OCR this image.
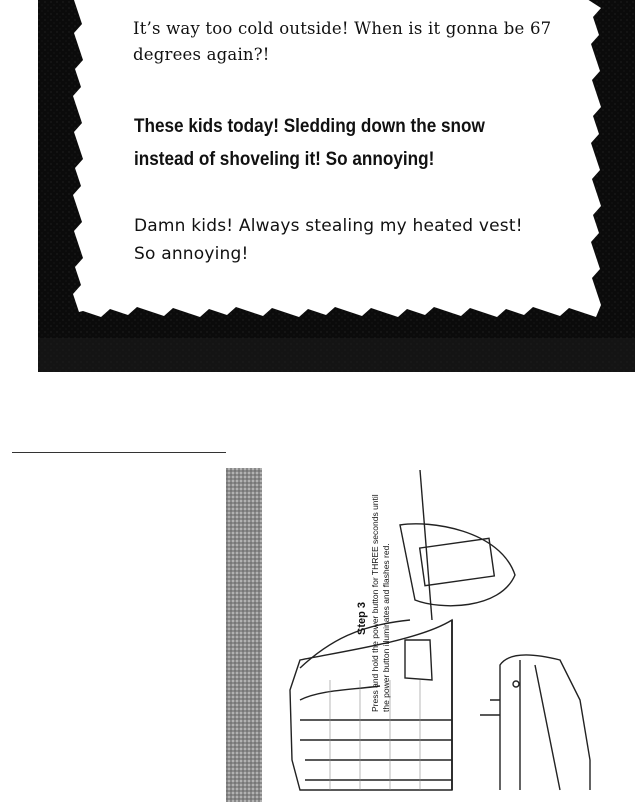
It’s way too cold outside! When is it gonna be 67 degrees again?!

These kids today! Sledding down the snow instead of shoveling it! So annoying!

Damn kids! Always stealing my heated vest! So annoying!

Step 3 Press and hold the power button for THREE seconds until the power button illuminates and flashes red.
